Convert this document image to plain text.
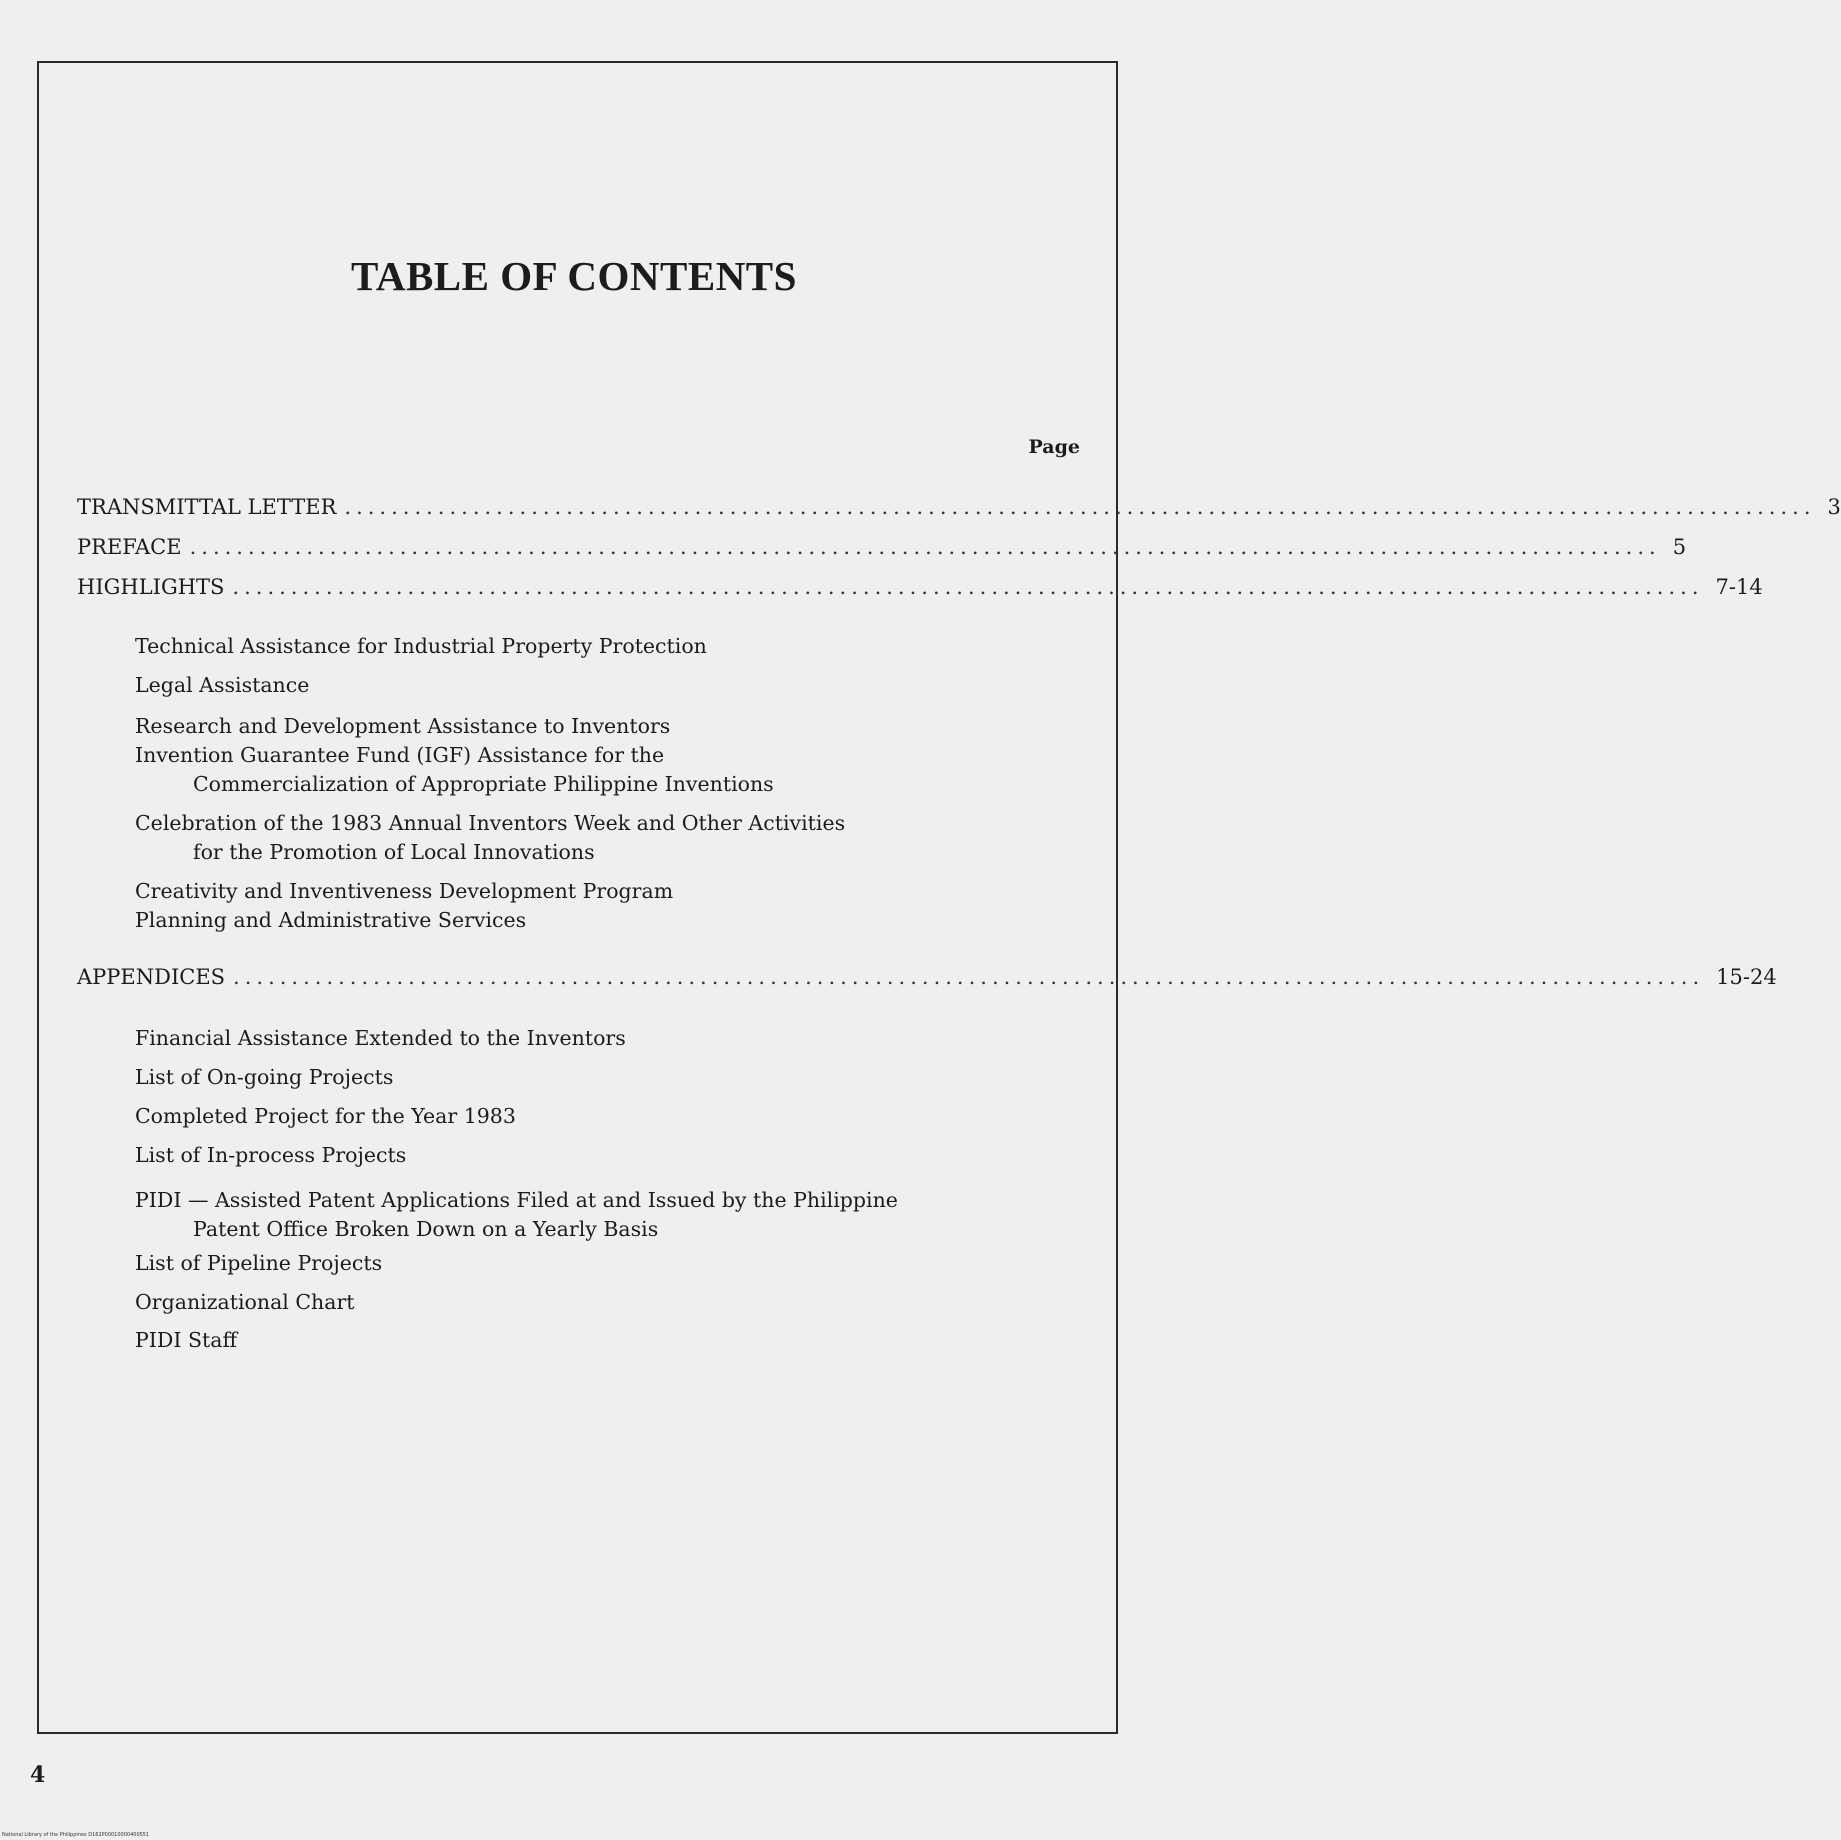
TABLE OF CONTENTS
Page
TRANSMITTAL LETTER .............................................................................................................................. 3
PREFACE .............................................................................................................................. 5
HIGHLIGHTS .............................................................................................................................. 7-14
Technical Assistance for Industrial Property Protection
Legal Assistance
Research and Development Assistance to Inventors
Invention Guarantee Fund (IGF) Assistance for the
Commercialization of Appropriate Philippine Inventions
Celebration of the 1983 Annual Inventors Week and Other Activities
for the Promotion of Local Innovations
Creativity and Inventiveness Development Program
Planning and Administrative Services
APPENDICES .............................................................................................................................. 15-24
Financial Assistance Extended to the Inventors
List of On-going Projects
Completed Project for the Year 1983
List of In-process Projects
PIDI — Assisted Patent Applications Filed at and Issued by the Philippine
Patent Office Broken Down on a Yearly Basis
List of Pipeline Projects
Organizational Chart
PIDI Staff
4
National Library of the Philippines D162P00010000400551
